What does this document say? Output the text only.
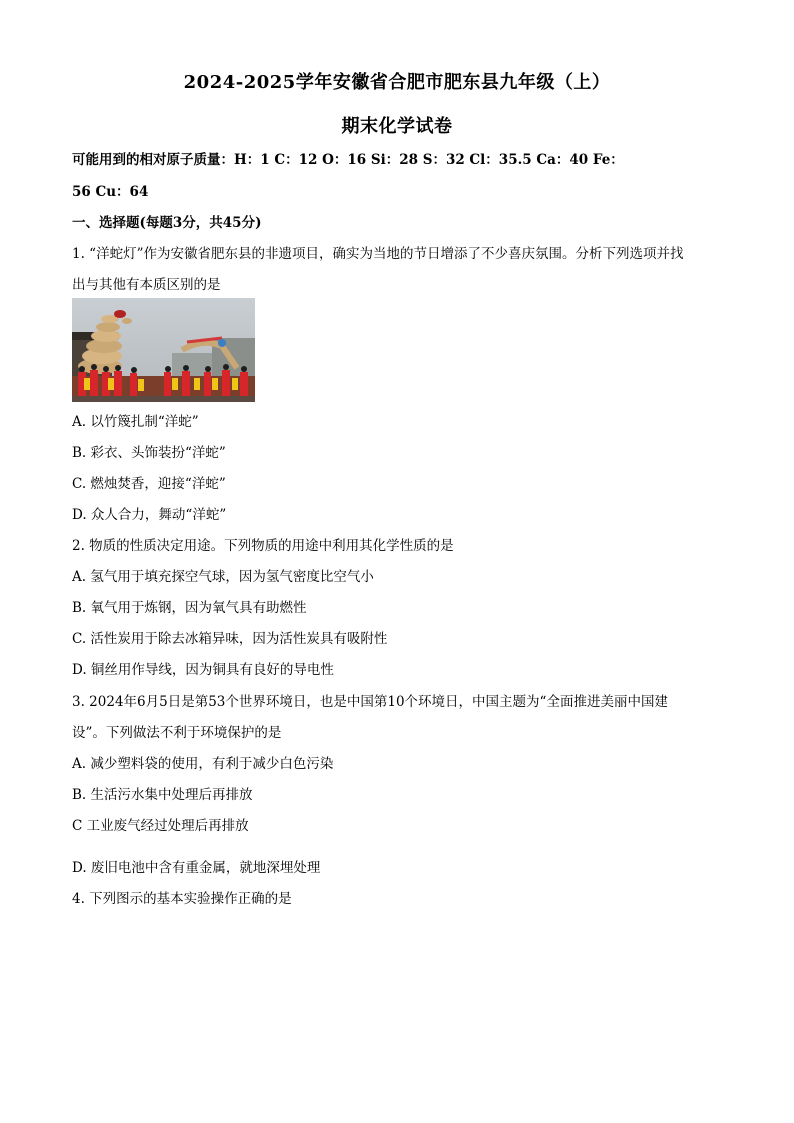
2024-2025学年安徽省合肥市肥东县九年级（上）
期末化学试卷
可能用到的相对原子质量：H：1 C：12 O：16 Si：28 S：32 Cl：35.5 Ca：40 Fe：
56 Cu：64
一、选择题(每题3分，共45分)
1. “洋蛇灯”作为安徽省肥东县的非遗项目，确实为当地的节日增添了不少喜庆氛围。分析下列选项并找
出与其他有本质区别的是
A. 以竹篾扎制“洋蛇”
B. 彩衣、头饰装扮“洋蛇”
C. 燃烛焚香，迎接“洋蛇”
D. 众人合力，舞动“洋蛇”
2. 物质的性质决定用途。下列物质的用途中利用其化学性质的是
A. 氢气用于填充探空气球，因为氢气密度比空气小
B. 氧气用于炼钢，因为氧气具有助燃性
C. 活性炭用于除去冰箱异味，因为活性炭具有吸附性
D. 铜丝用作导线，因为铜具有良好的导电性
3. 2024年6月5日是第53个世界环境日，也是中国第10个环境日，中国主题为“全面推进美丽中国建
设”。下列做法不利于环境保护的是
A. 减少塑料袋的使用，有利于减少白色污染
B. 生活污水集中处理后再排放
C 工业废气经过处理后再排放
D. 废旧电池中含有重金属，就地深埋处理
4. 下列图示的基本实验操作正确的是
